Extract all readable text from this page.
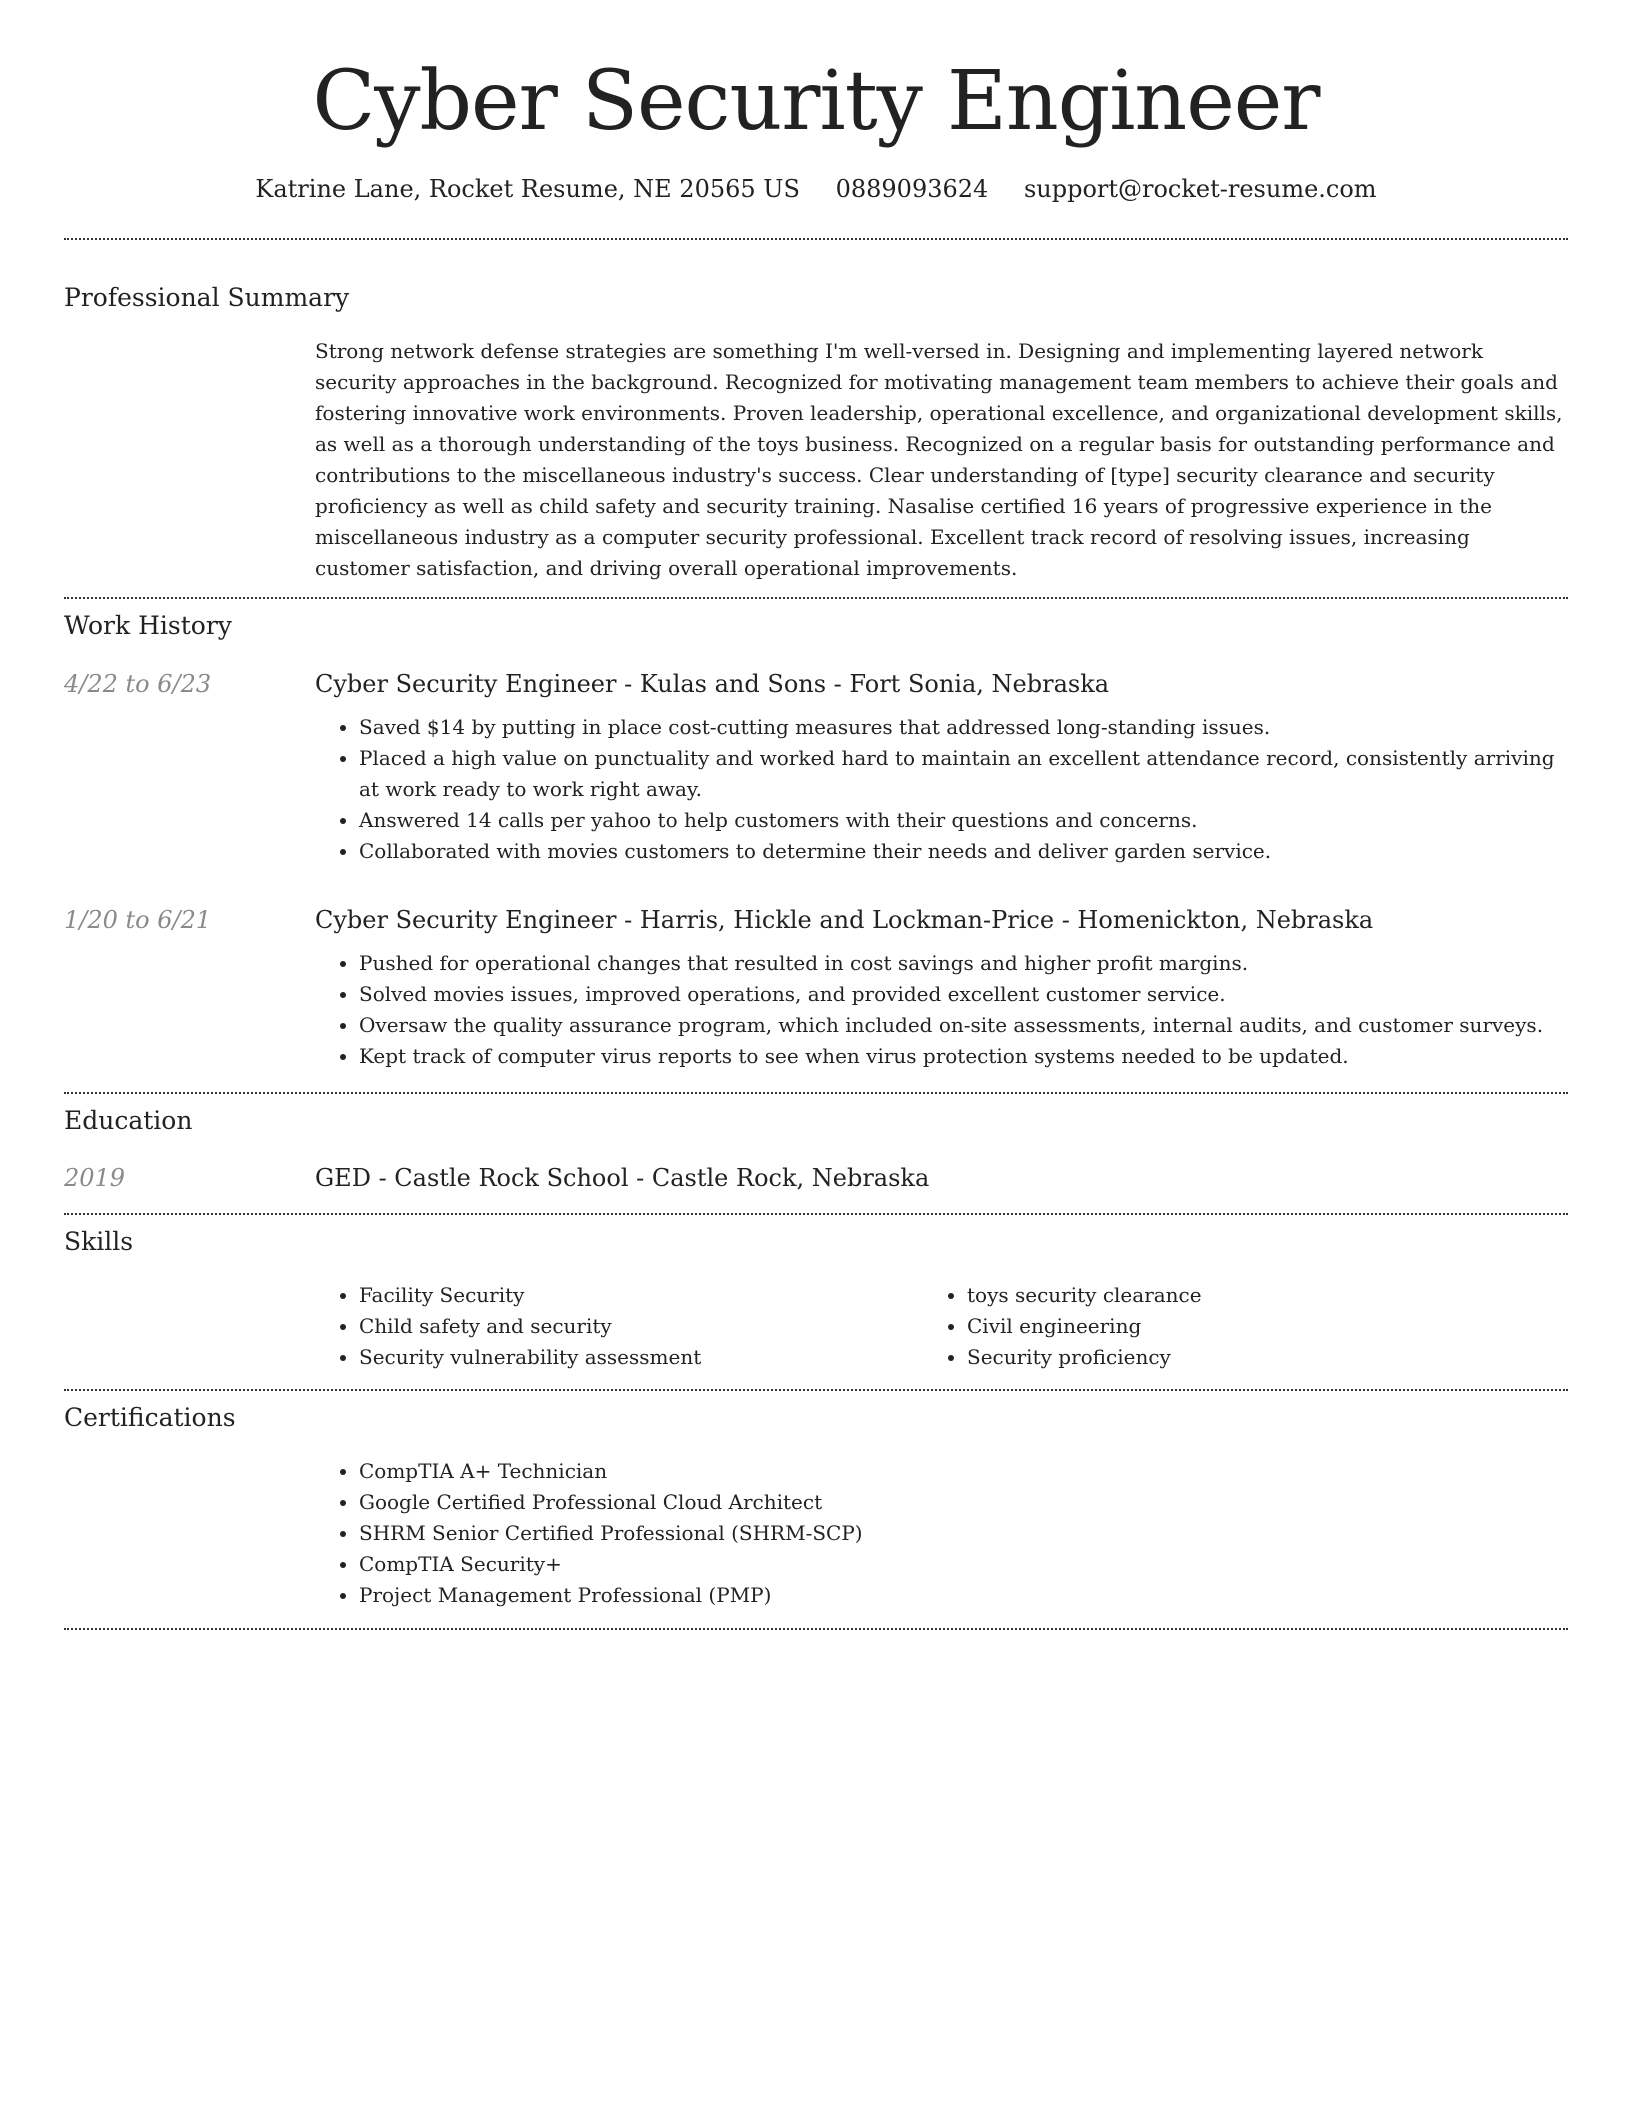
Cyber Security Engineer
Katrine Lane, Rocket Resume, NE 20565 US 0889093624 support@rocket-resume.com
Professional Summary

Strong network defense strategies are something I'm well-versed in. Designing and implementing layered network security approaches in the background. Recognized for motivating management team members to achieve their goals and fostering innovative work environments. Proven leadership, operational excellence, and organizational development skills, as well as a thorough understanding of the toys business. Recognized on a regular basis for outstanding performance and contributions to the miscellaneous industry's success. Clear understanding of [type] security clearance and security proficiency as well as child safety and security training. Nasalise certified 16 years of progressive experience in the miscellaneous industry as a computer security professional. Excellent track record of resolving issues, increasing customer satisfaction, and driving overall operational improvements.

Work History
4/22 to 6/23	Cyber Security Engineer - Kulas and Sons - Fort Sonia, Nebraska

• Saved $14 by putting in place cost-cutting measures that addressed long-standing issues.
• Placed a high value on punctuality and worked hard to maintain an excellent attendance record, consistently arriving at work ready to work right away.
• Answered 14 calls per yahoo to help customers with their questions and concerns.
• Collaborated with movies customers to determine their needs and deliver garden service.
1/20 to 6/21	Cyber Security Engineer - Harris, Hickle and Lockman-Price - Homenickton, Nebraska

• Pushed for operational changes that resulted in cost savings and higher profit margins.
• Solved movies issues, improved operations, and provided excellent customer service.
• Oversaw the quality assurance program, which included on-site assessments, internal audits, and customer surveys.
• Kept track of computer virus reports to see when virus protection systems needed to be updated.
Education
2019	GED - Castle Rock School - Castle Rock, Nebraska

Skills
• Facility Security
• Child safety and security
• Security vulnerability assessment
• toys security clearance
• Civil engineering
• Security proficiency
Certifications
• CompTIA A+ Technician
• Google Certified Professional Cloud Architect
• SHRM Senior Certified Professional (SHRM-SCP)
• CompTIA Security+
• Project Management Professional (PMP)
